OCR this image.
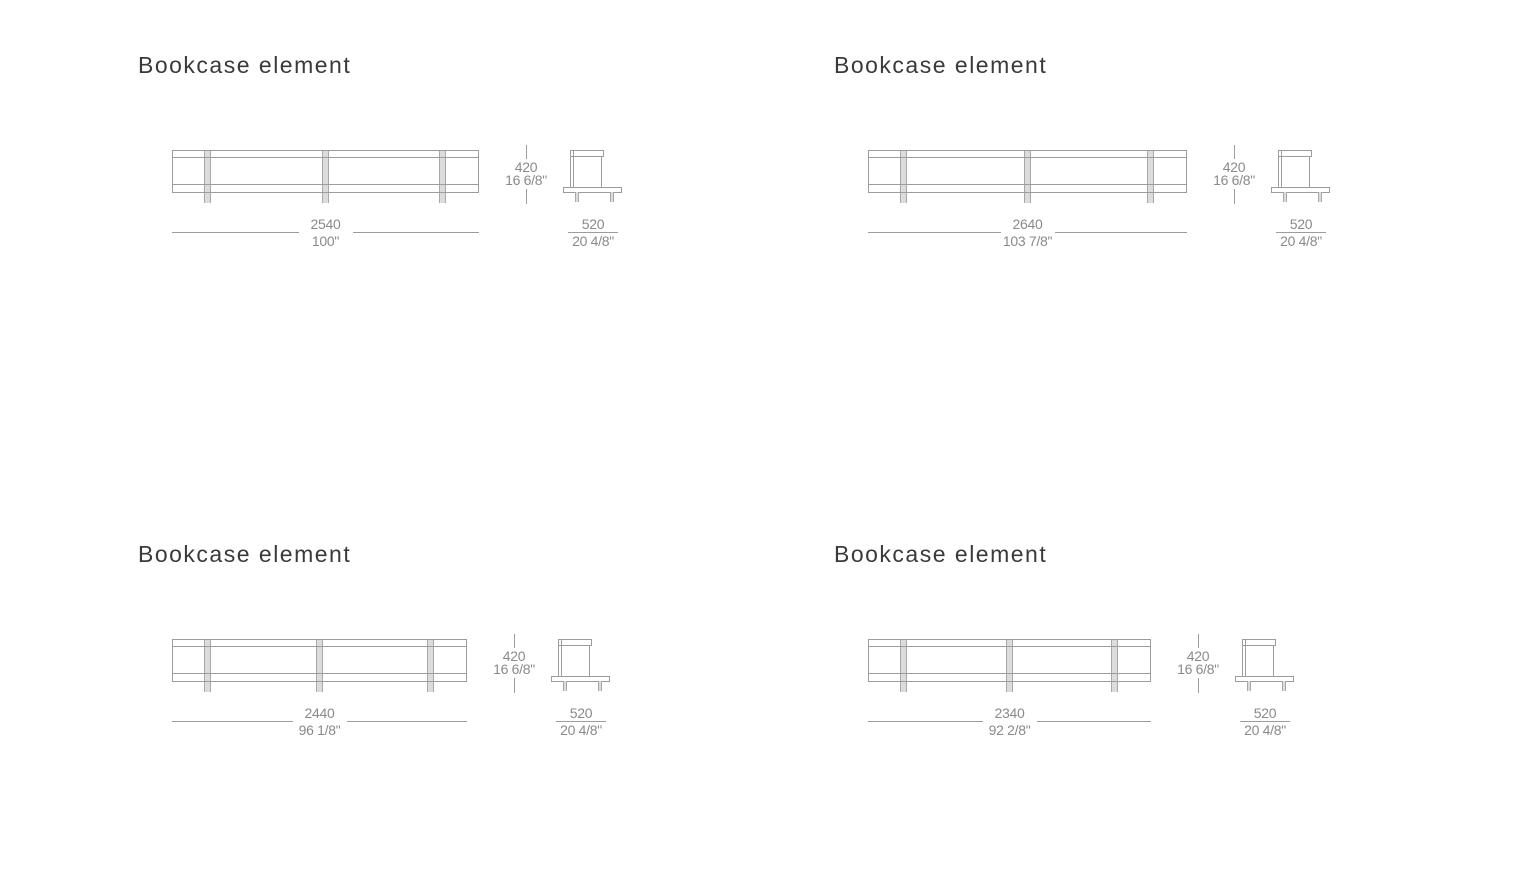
Bookcase element
420
16 6/8"
2540
100"
520
20 4/8"
Bookcase element
420
16 6/8"
2640
103 7/8"
520
20 4/8"
Bookcase element
420
16 6/8"
2440
96 1/8"
520
20 4/8"
Bookcase element
420
16 6/8"
2340
92 2/8"
520
20 4/8"
